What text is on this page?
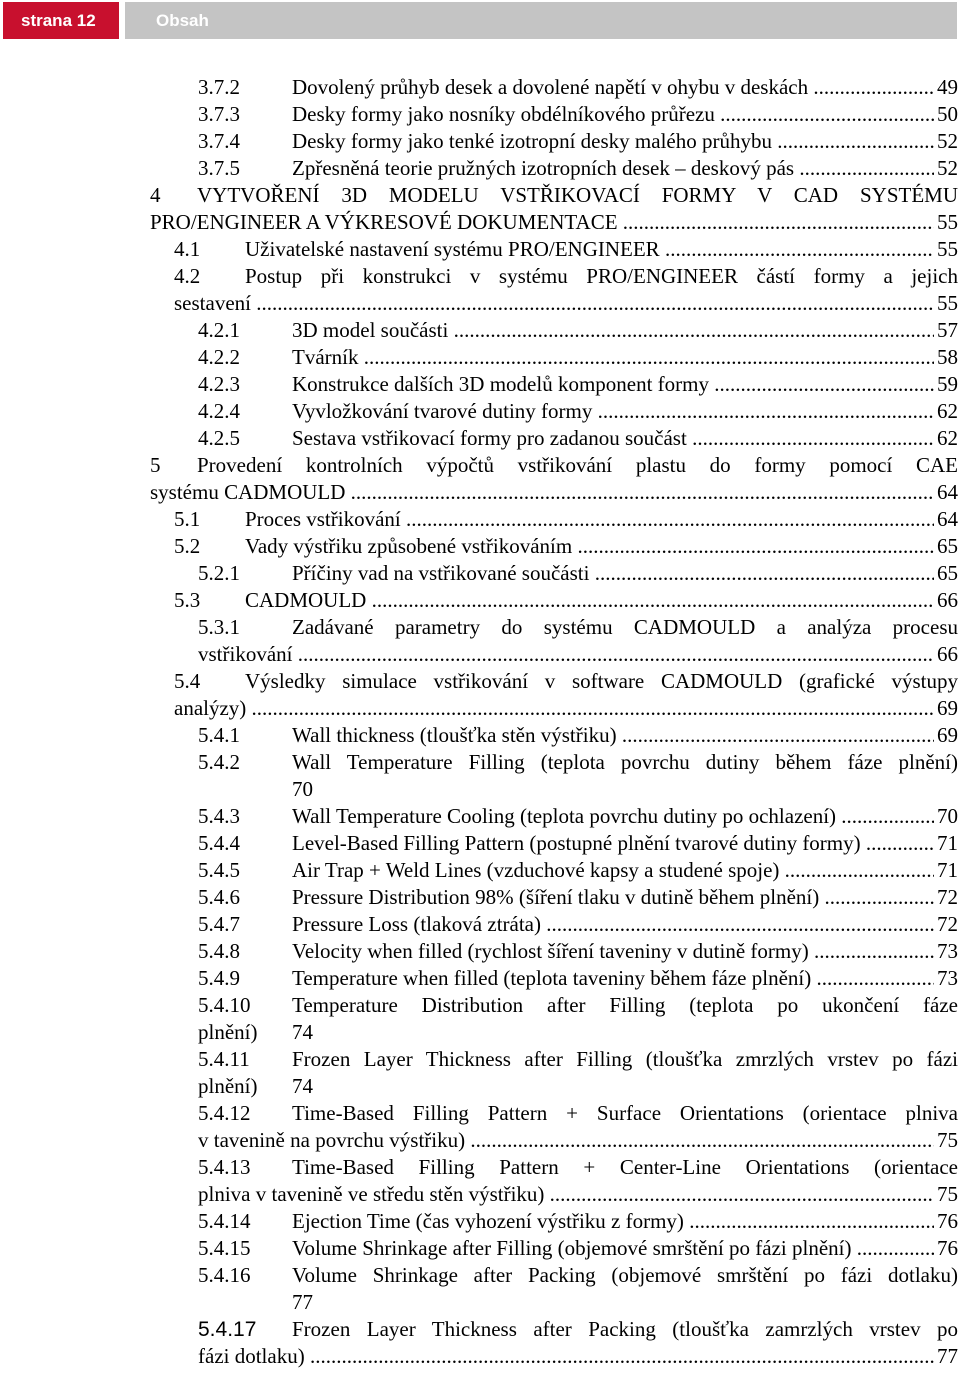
strana 12	Obsah
3.7.2	Dovolený průhyb desek a dovolené napětí v ohybu v deskách .....	49
3.7.3	Desky formy jako nosníky obdélníkového průřezu .....	50
3.7.4	Desky formy jako tenké izotropní desky malého průhybu .....	52
3.7.5	Zpřesněná teorie pružných izotropních desek – deskový pás .....	52
4	VYTVOŘENÍ 3D MODELU VSTŘIKOVACÍ FORMY V CAD SYSTÉMU
PRO/ENGINEER A VÝKRESOVÉ DOKUMENTACE .....	55
4.1	Uživatelské nastavení systému PRO/ENGINEER .....	55
4.2	Postup při konstrukci v systému PRO/ENGINEER částí formy a jejich
sestavení .....	55
4.2.1	3D model součásti .....	57
4.2.2	Tvárník .....	58
4.2.3	Konstrukce dalších 3D modelů komponent formy .....	59
4.2.4	Vyvložkování tvarové dutiny formy .....	62
4.2.5	Sestava vstřikovací formy pro zadanou součást .....	62
5	Provedení kontrolních výpočtů vstřikování plastu do formy pomocí CAE
systému CADMOULD .....	64
5.1	Proces vstřikování .....	64
5.2	Vady výstřiku způsobené vstřikováním .....	65
5.2.1	Příčiny vad na vstřikované součásti .....	65
5.3	CADMOULD .....	66
5.3.1	Zadávané parametry do systému CADMOULD a analýza procesu
vstřikování .....	66
5.4	Výsledky simulace vstřikování v software CADMOULD (grafické výstupy
analýzy) .....	69
5.4.1	Wall thickness (tloušťka stěn výstřiku) .....	69
5.4.2	Wall Temperature Filling (teplota povrchu dutiny během fáze plnění)
70
5.4.3	Wall Temperature Cooling (teplota povrchu dutiny po ochlazení) .....	70
5.4.4	Level-Based Filling Pattern (postupné plnění tvarové dutiny formy) .....	71
5.4.5	Air Trap + Weld Lines (vzduchové kapsy a studené spoje) .....	71
5.4.6	Pressure Distribution 98% (šíření tlaku v dutině během plnění) .....	72
5.4.7	Pressure Loss (tlaková ztráta) .....	72
5.4.8	Velocity when filled (rychlost šíření taveniny v dutině formy) .....	73
5.4.9	Temperature when filled (teplota taveniny během fáze plnění) .....	73
5.4.10	Temperature Distribution after Filling (teplota po ukončení fáze
plnění)	74
5.4.11	Frozen Layer Thickness after Filling (tloušťka zmrzlých vrstev po fázi
plnění)	74
5.4.12	Time-Based Filling Pattern + Surface Orientations (orientace plniva
v tavenině na povrchu výstřiku) .....	75
5.4.13	Time-Based Filling Pattern + Center-Line Orientations (orientace
plniva v tavenině ve středu stěn výstřiku) .....	75
5.4.14	Ejection Time (čas vyhození výstřiku z formy) .....	76
5.4.15	Volume Shrinkage after Filling (objemové smrštění po fázi plnění) .....	76
5.4.16	Volume Shrinkage after Packing (objemové smrštění po fázi dotlaku)
77
5.4.17	Frozen Layer Thickness after Packing (tloušťka zamrzlých vrstev po
fázi dotlaku) .....	77
